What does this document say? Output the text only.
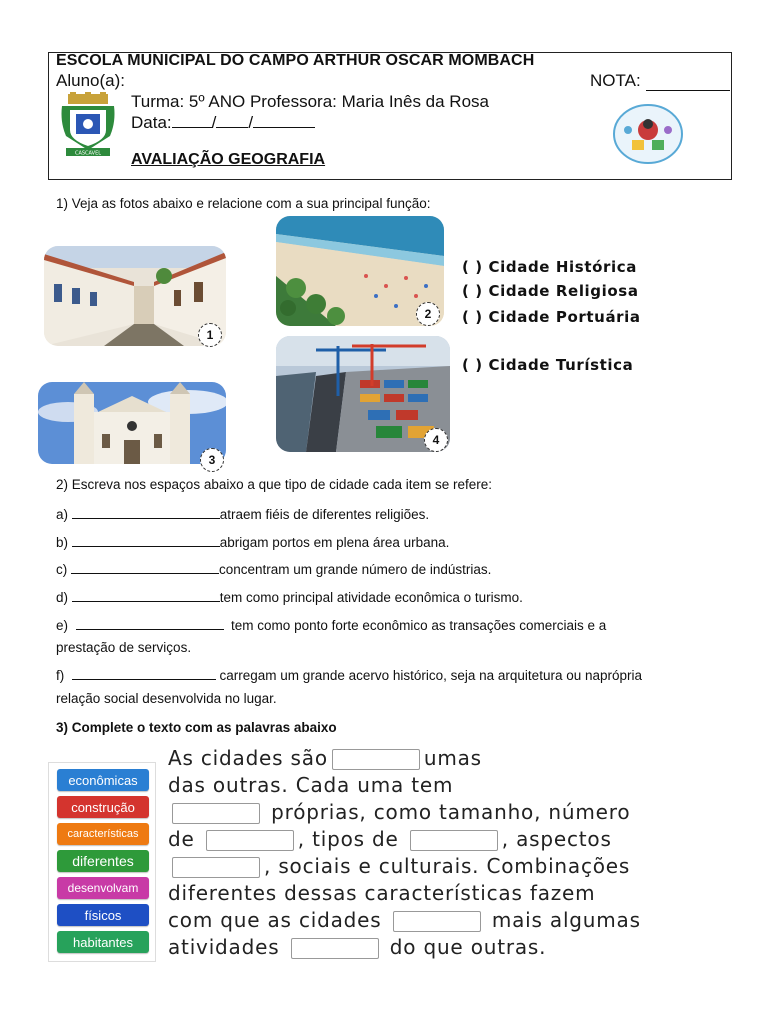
ESCOLA MUNICIPAL DO CAMPO ARTHUR OSCAR MOMBACH
Aluno(a):	NOTA:
Turma: 5º ANO Professora: Maria Inês da Rosa
Data: / /
AVALIAÇÃO GEOGRAFIA
CASCAVEL
1) Veja as fotos abaixo e relacione com a sua principal função:
1
2
3
4
( ) Cidade Histórica
( ) Cidade Religiosa
( ) Cidade Portuária
( ) Cidade Turística
2) Escreva nos espaços abaixo a que tipo de cidade cada item se refere:
a)	atraem fiéis de diferentes religiões.
b)	abrigam portos em plena área urbana.
c)	concentram um grande número de indústrias.
d)	tem como principal atividade econômica o turismo.
e)	tem como ponto forte econômico as transações comerciais e a
prestação de serviços.
f)	carregam um grande acervo histórico, seja na arquitetura ou naprópria
relação social desenvolvida no lugar.
3) Complete o texto com as palavras abaixo
econômicas
construção
características
diferentes
desenvolvam
físicos
habitantes
As cidades são	umas
das outras. Cada uma tem
próprias, como tamanho, número
de	, tipos de	, aspectos
, sociais e culturais. Combinações
diferentes dessas características fazem
com que as cidades	mais algumas
atividades	do que outras.
